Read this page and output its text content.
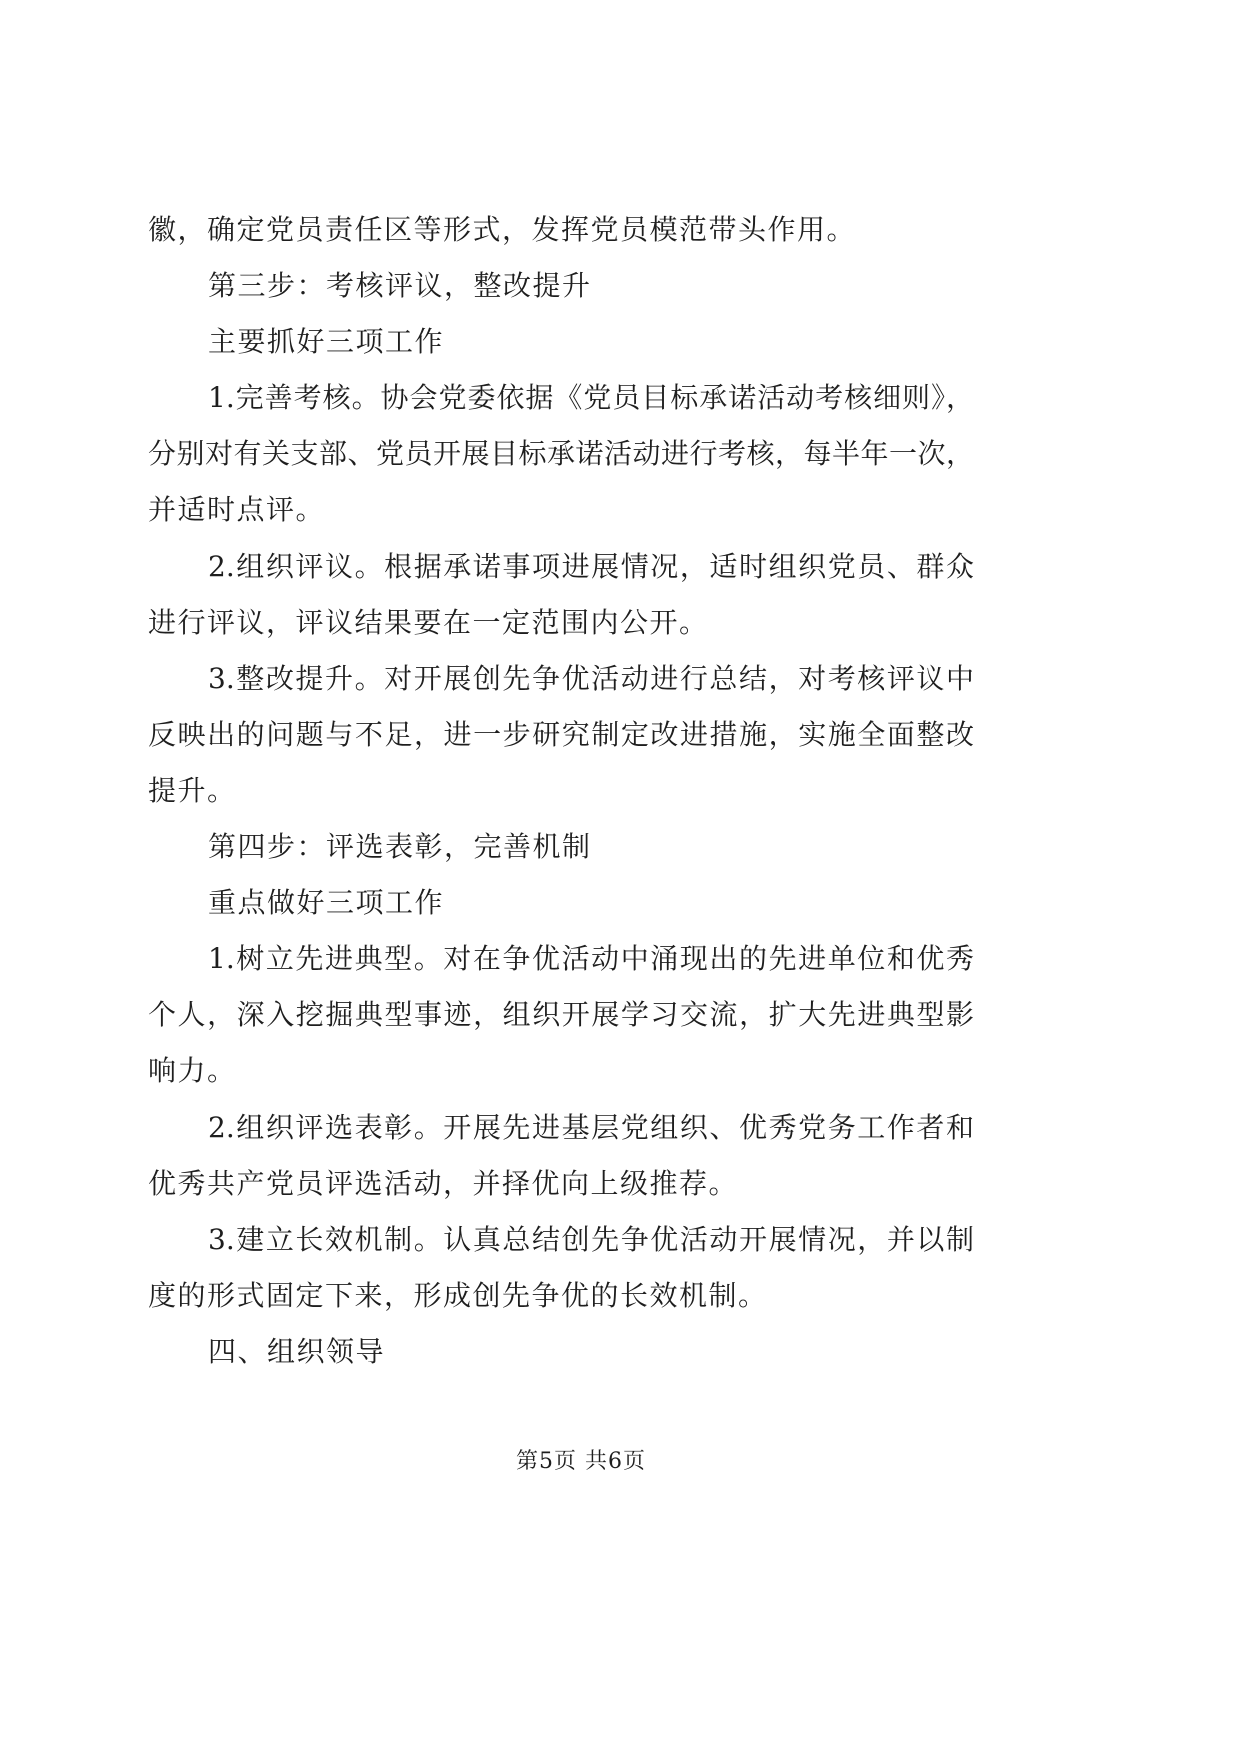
徽，确定党员责任区等形式，发挥党员模范带头作用。
第三步：考核评议，整改提升
主要抓好三项工作
1.完善考核。协会党委依据《党员目标承诺活动考核细则》，
分别对有关支部、党员开展目标承诺活动进行考核，每半年一次，
并适时点评。
2.组织评议。根据承诺事项进展情况，适时组织党员、群众
进行评议，评议结果要在一定范围内公开。
3.整改提升。对开展创先争优活动进行总结，对考核评议中
反映出的问题与不足，进一步研究制定改进措施，实施全面整改
提升。
第四步：评选表彰，完善机制
重点做好三项工作
1.树立先进典型。对在争优活动中涌现出的先进单位和优秀
个人，深入挖掘典型事迹，组织开展学习交流，扩大先进典型影
响力。
2.组织评选表彰。开展先进基层党组织、优秀党务工作者和
优秀共产党员评选活动，并择优向上级推荐。
3.建立长效机制。认真总结创先争优活动开展情况，并以制
度的形式固定下来，形成创先争优的长效机制。
四、组织领导
第5页 共6页
